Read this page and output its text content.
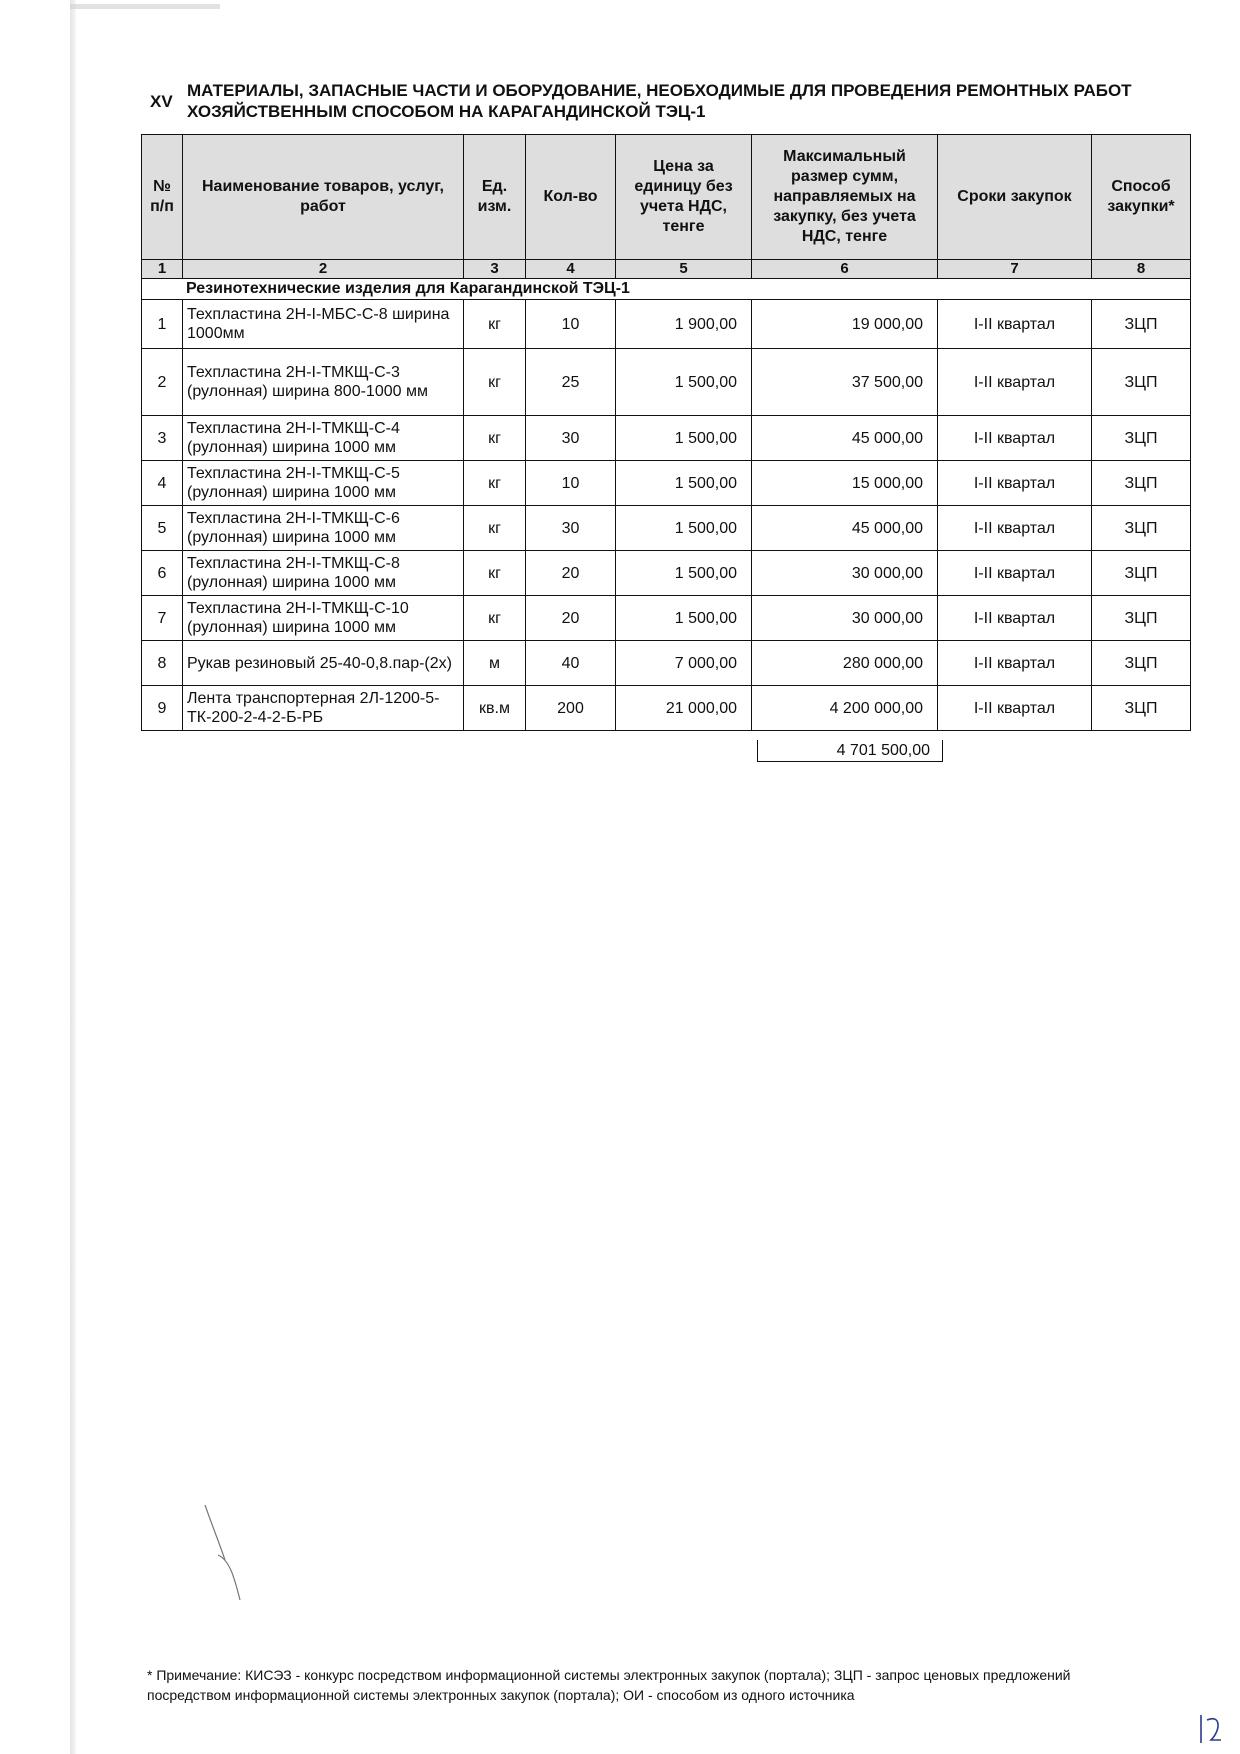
XV
МАТЕРИАЛЫ, ЗАПАСНЫЕ ЧАСТИ И ОБОРУДОВАНИЕ, НЕОБХОДИМЫЕ ДЛЯ ПРОВЕДЕНИЯ РЕМОНТНЫХ РАБОТ
ХОЗЯЙСТВЕННЫМ СПОСОБОМ НА КАРАГАНДИНСКОЙ ТЭЦ-1
№ п/п	Наименование товаров, услуг, работ	Ед. изм.	Кол-во	Цена за единицу без учета НДС, тенге	Максимальный размер сумм, направляемых на закупку, без учета НДС, тенге	Сроки закупок	Способ закупки*
1	2	3	4	5	6	7	8
Резинотехнические изделия для Карагандинской ТЭЦ-1							
1	Техпластина 2Н-I-МБС-С-8 ширина 1000мм	кг	10	1 900,00	19 000,00	I-II квартал	ЗЦП
2	Техпластина 2Н-I-ТМКЩ-С-3 (рулонная) ширина 800-1000 мм	кг	25	1 500,00	37 500,00	I-II квартал	ЗЦП
3	Техпластина 2Н-I-ТМКЩ-С-4 (рулонная) ширина 1000 мм	кг	30	1 500,00	45 000,00	I-II квартал	ЗЦП
4	Техпластина 2Н-I-ТМКЩ-С-5 (рулонная) ширина 1000 мм	кг	10	1 500,00	15 000,00	I-II квартал	ЗЦП
5	Техпластина 2Н-I-ТМКЩ-С-6 (рулонная) ширина 1000 мм	кг	30	1 500,00	45 000,00	I-II квартал	ЗЦП
6	Техпластина 2Н-I-ТМКЩ-С-8 (рулонная) ширина 1000 мм	кг	20	1 500,00	30 000,00	I-II квартал	ЗЦП
7	Техпластина 2Н-I-ТМКЩ-С-10 (рулонная) ширина 1000 мм	кг	20	1 500,00	30 000,00	I-II квартал	ЗЦП
8	Рукав резиновый 25-40-0,8.пар-(2х)	м	40	7 000,00	280 000,00	I-II квартал	ЗЦП
9	Лента транспортерная 2Л-1200-5-ТК-200-2-4-2-Б-РБ	кв.м	200	21 000,00	4 200 000,00	I-II квартал	ЗЦП
4 701 500,00
* Примечание: КИСЭЗ - конкурс посредством информационной системы электронных закупок (портала); ЗЦП - запрос ценовых предложений посредством информационной системы электронных закупок (портала); ОИ - способом из одного источника
